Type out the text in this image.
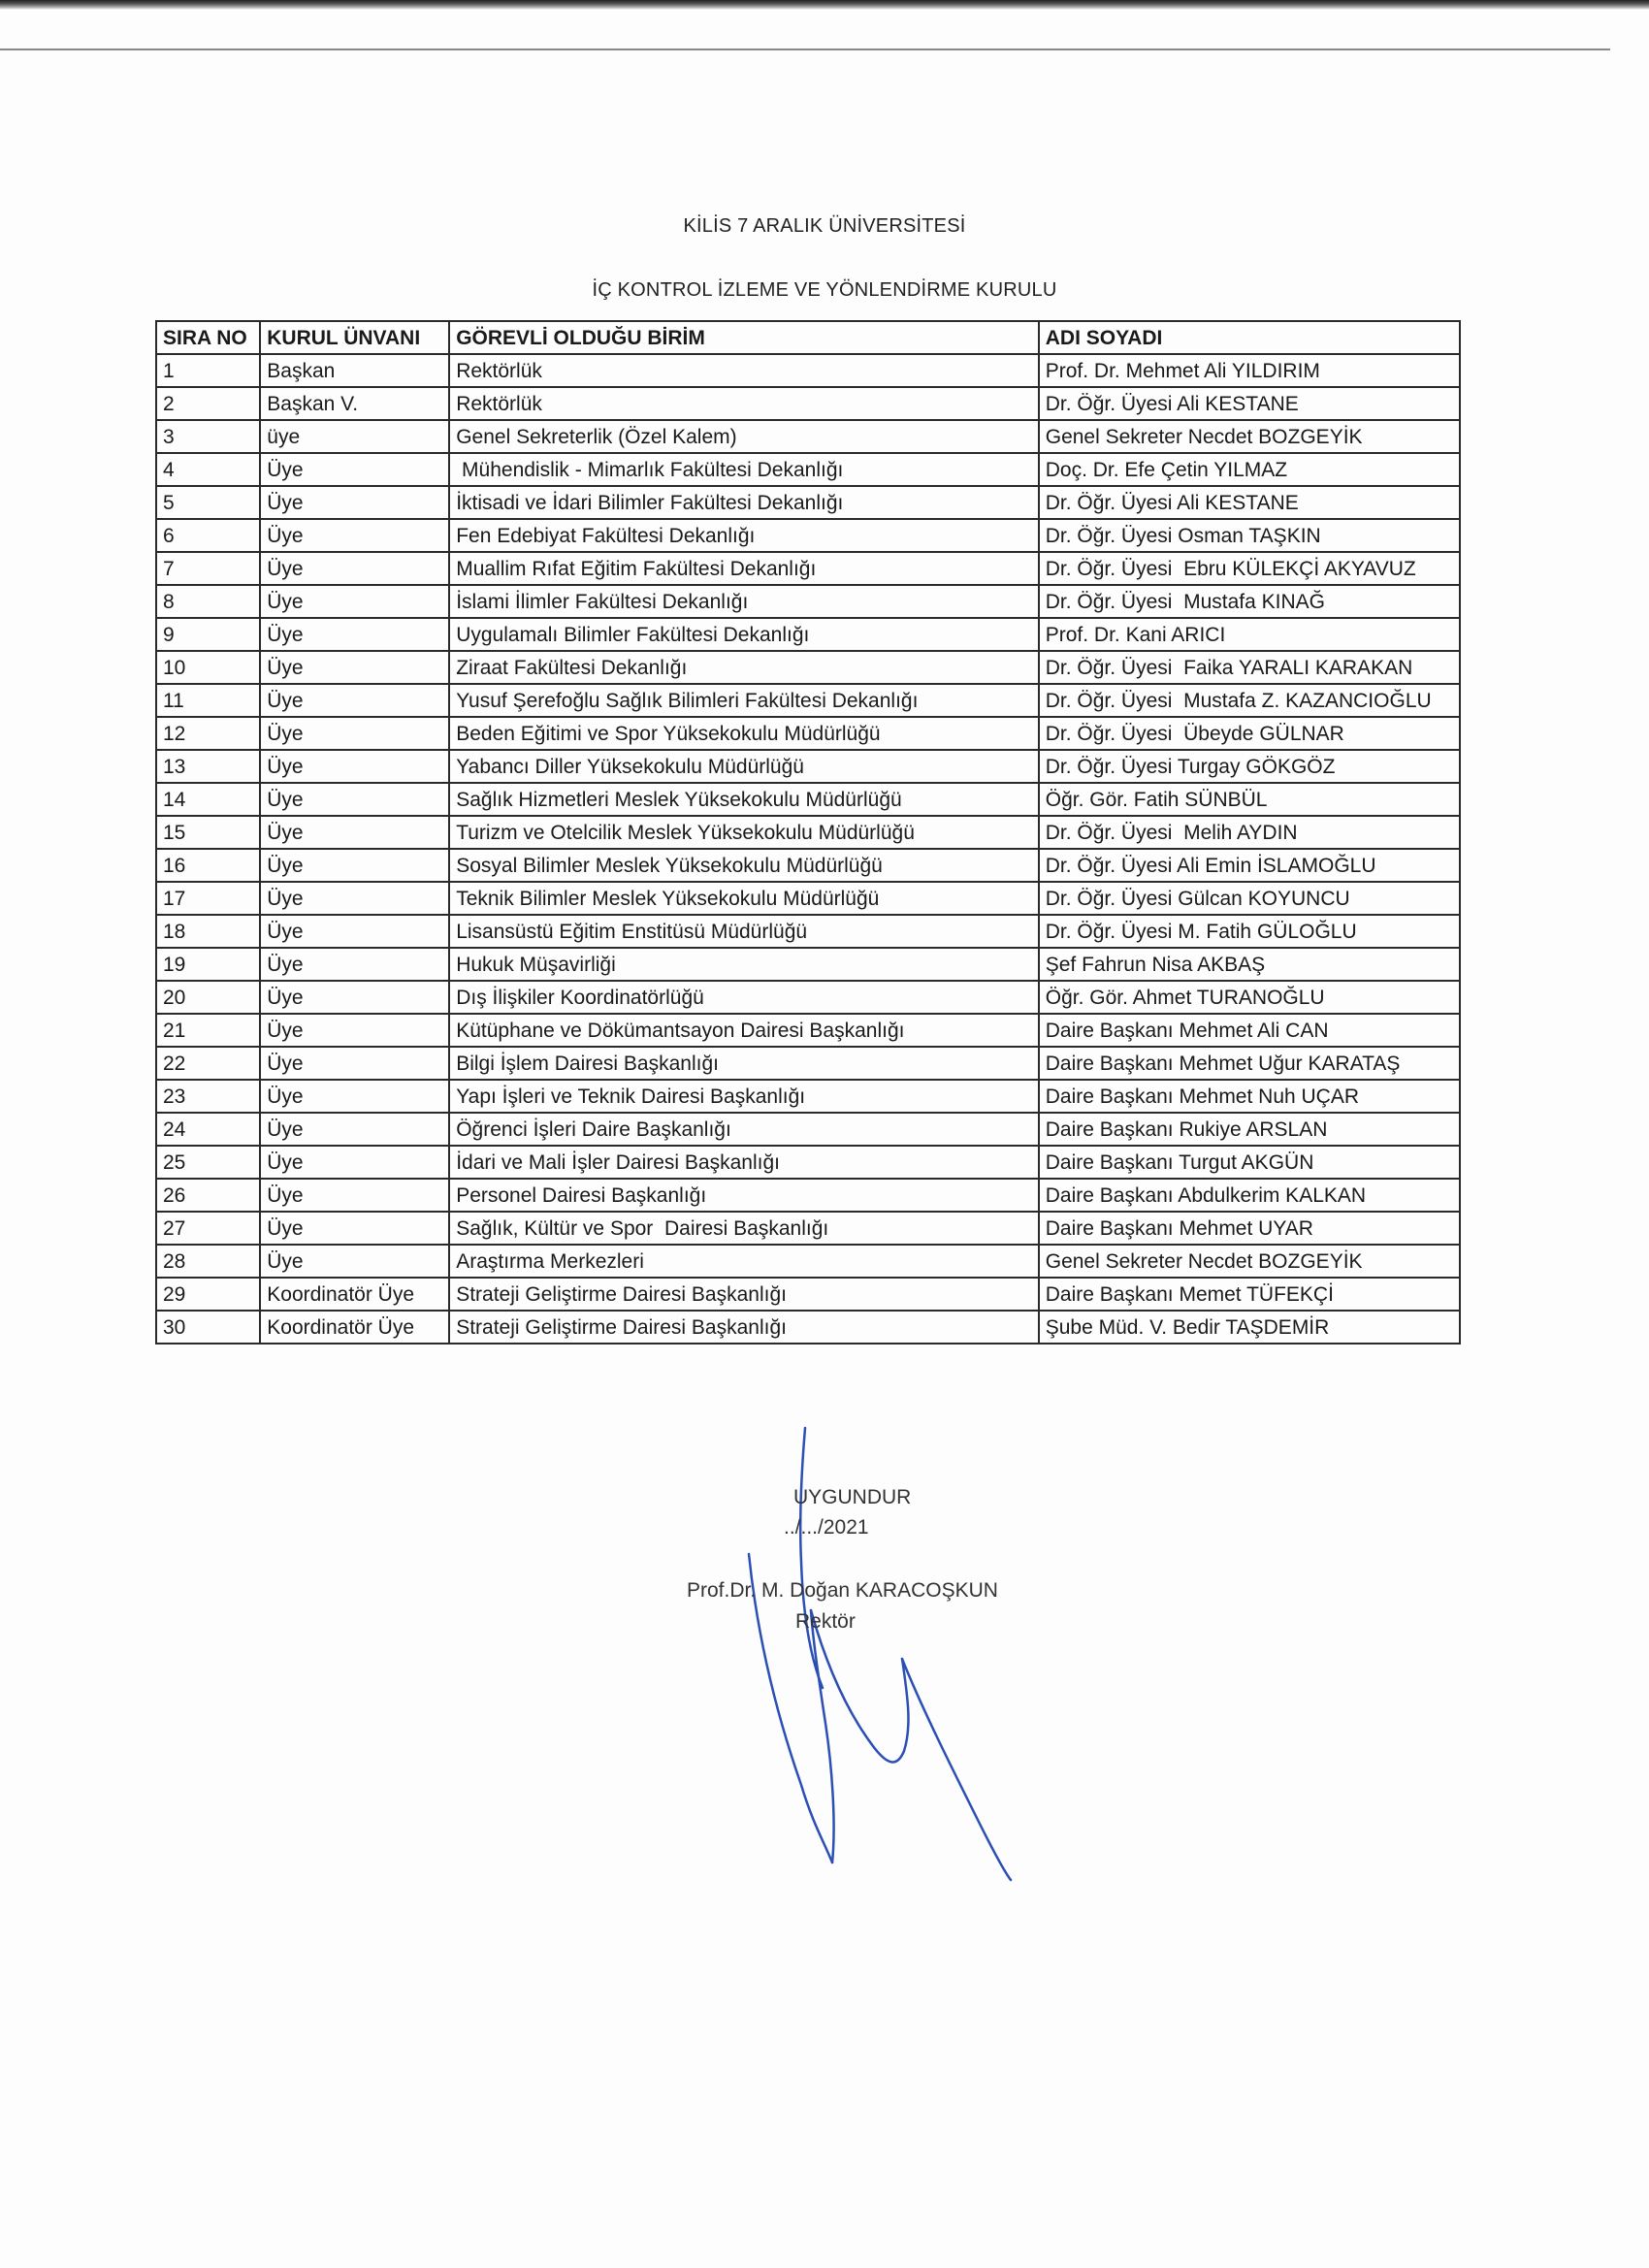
KİLİS 7 ARALIK ÜNİVERSİTESİ
İÇ KONTROL İZLEME VE YÖNLENDİRME KURULU
SIRA NO	KURUL ÜNVANI	GÖREVLİ OLDUĞU BİRİM	ADI SOYADI
1	Başkan	Rektörlük	Prof. Dr. Mehmet Ali YILDIRIM
2	Başkan V.	Rektörlük	Dr. Öğr. Üyesi Ali KESTANE
3	üye	Genel Sekreterlik (Özel Kalem)	Genel Sekreter Necdet BOZGEYİK
4	Üye	Mühendislik - Mimarlık Fakültesi Dekanlığı	Doç. Dr. Efe Çetin YILMAZ
5	Üye	İktisadi ve İdari Bilimler Fakültesi Dekanlığı	Dr. Öğr. Üyesi Ali KESTANE
6	Üye	Fen Edebiyat Fakültesi Dekanlığı	Dr. Öğr. Üyesi Osman TAŞKIN
7	Üye	Muallim Rıfat Eğitim Fakültesi Dekanlığı	Dr. Öğr. Üyesi  Ebru KÜLEKÇİ AKYAVUZ
8	Üye	İslami İlimler Fakültesi Dekanlığı	Dr. Öğr. Üyesi  Mustafa KINAĞ
9	Üye	Uygulamalı Bilimler Fakültesi Dekanlığı	Prof. Dr. Kani ARICI
10	Üye	Ziraat Fakültesi Dekanlığı	Dr. Öğr. Üyesi  Faika YARALI KARAKAN
11	Üye	Yusuf Şerefoğlu Sağlık Bilimleri Fakültesi Dekanlığı	Dr. Öğr. Üyesi  Mustafa Z. KAZANCIOĞLU
12	Üye	Beden Eğitimi ve Spor Yüksekokulu Müdürlüğü	Dr. Öğr. Üyesi  Übeyde GÜLNAR
13	Üye	Yabancı Diller Yüksekokulu Müdürlüğü	Dr. Öğr. Üyesi Turgay GÖKGÖZ
14	Üye	Sağlık Hizmetleri Meslek Yüksekokulu Müdürlüğü	Öğr. Gör. Fatih SÜNBÜL
15	Üye	Turizm ve Otelcilik Meslek Yüksekokulu Müdürlüğü	Dr. Öğr. Üyesi  Melih AYDIN
16	Üye	Sosyal Bilimler Meslek Yüksekokulu Müdürlüğü	Dr. Öğr. Üyesi Ali Emin İSLAMOĞLU
17	Üye	Teknik Bilimler Meslek Yüksekokulu Müdürlüğü	Dr. Öğr. Üyesi Gülcan KOYUNCU
18	Üye	Lisansüstü Eğitim Enstitüsü Müdürlüğü	Dr. Öğr. Üyesi M. Fatih GÜLOĞLU
19	Üye	Hukuk Müşavirliği	Şef Fahrun Nisa AKBAŞ
20	Üye	Dış İlişkiler Koordinatörlüğü	Öğr. Gör. Ahmet TURANOĞLU
21	Üye	Kütüphane ve Dökümantsayon Dairesi Başkanlığı	Daire Başkanı Mehmet Ali CAN
22	Üye	Bilgi İşlem Dairesi Başkanlığı	Daire Başkanı Mehmet Uğur KARATAŞ
23	Üye	Yapı İşleri ve Teknik Dairesi Başkanlığı	Daire Başkanı Mehmet Nuh UÇAR
24	Üye	Öğrenci İşleri Daire Başkanlığı	Daire Başkanı Rukiye ARSLAN
25	Üye	İdari ve Mali İşler Dairesi Başkanlığı	Daire Başkanı Turgut AKGÜN
26	Üye	Personel Dairesi Başkanlığı	Daire Başkanı Abdulkerim KALKAN
27	Üye	Sağlık, Kültür ve Spor  Dairesi Başkanlığı	Daire Başkanı Mehmet UYAR
28	Üye	Araştırma Merkezleri	Genel Sekreter Necdet BOZGEYİK
29	Koordinatör Üye	Strateji Geliştirme Dairesi Başkanlığı	Daire Başkanı Memet TÜFEKÇİ
30	Koordinatör Üye	Strateji Geliştirme Dairesi Başkanlığı	Şube Müd. V. Bedir TAŞDEMİR
UYGUNDUR
../.../2021
Prof.Dr. M. Doğan KARACOŞKUN
Rektör
